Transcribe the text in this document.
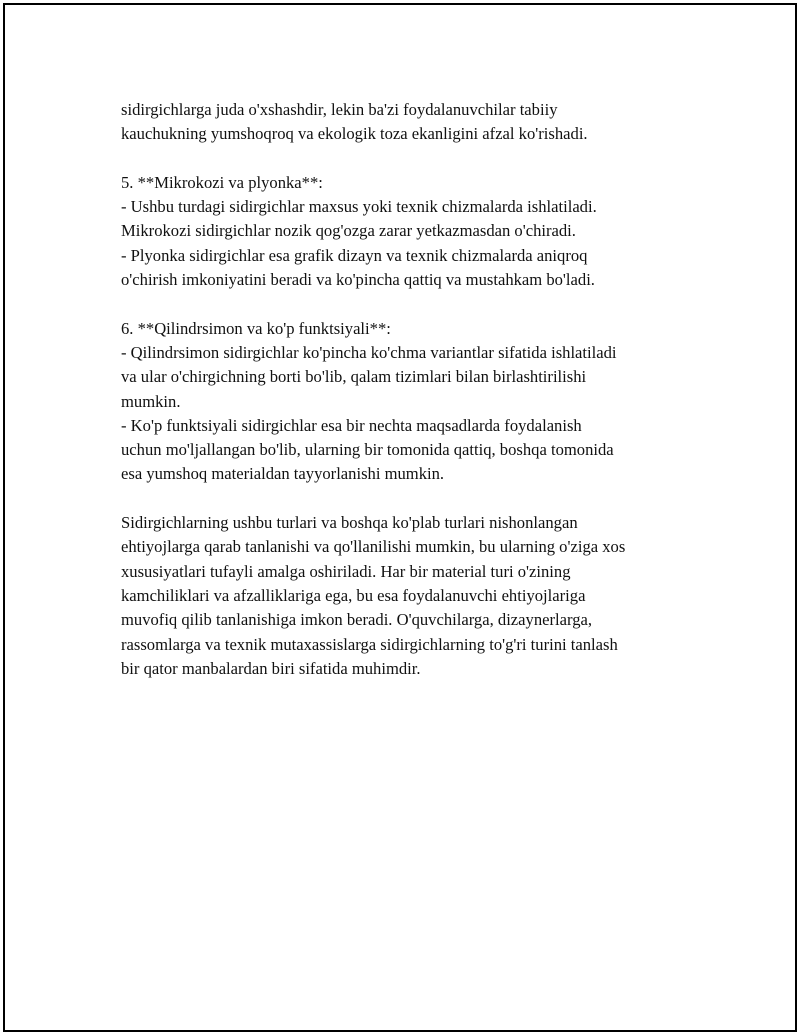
sidirgichlarga juda o'xshashdir, lekin ba'zi foydalanuvchilar tabiiy
kauchukning yumshoqroq va ekologik toza ekanligini afzal ko'rishadi.
5. **Mikrokozi va plyonka**:
- Ushbu turdagi sidirgichlar maxsus yoki texnik chizmalarda ishlatiladi.
Mikrokozi sidirgichlar nozik qog'ozga zarar yetkazmasdan o'chiradi.
- Plyonka sidirgichlar esa grafik dizayn va texnik chizmalarda aniqroq
o'chirish imkoniyatini beradi va ko'pincha qattiq va mustahkam bo'ladi.
6. **Qilindrsimon va ko'p funktsiyali**:
- Qilindrsimon sidirgichlar ko'pincha ko'chma variantlar sifatida ishlatiladi
va ular o'chirgichning borti bo'lib, qalam tizimlari bilan birlashtirilishi
mumkin.
- Ko'p funktsiyali sidirgichlar esa bir nechta maqsadlarda foydalanish
uchun mo'ljallangan bo'lib, ularning bir tomonida qattiq, boshqa tomonida
esa yumshoq materialdan tayyorlanishi mumkin.
Sidirgichlarning ushbu turlari va boshqa ko'plab turlari nishonlangan
ehtiyojlarga qarab tanlanishi va qo'llanilishi mumkin, bu ularning o'ziga xos
xususiyatlari tufayli amalga oshiriladi. Har bir material turi o'zining
kamchiliklari va afzalliklariga ega, bu esa foydalanuvchi ehtiyojlariga
muvofiq qilib tanlanishiga imkon beradi. O'quvchilarga, dizaynerlarga,
rassomlarga va texnik mutaxassislarga sidirgichlarning to'g'ri turini tanlash
bir qator manbalardan biri sifatida muhimdir.
